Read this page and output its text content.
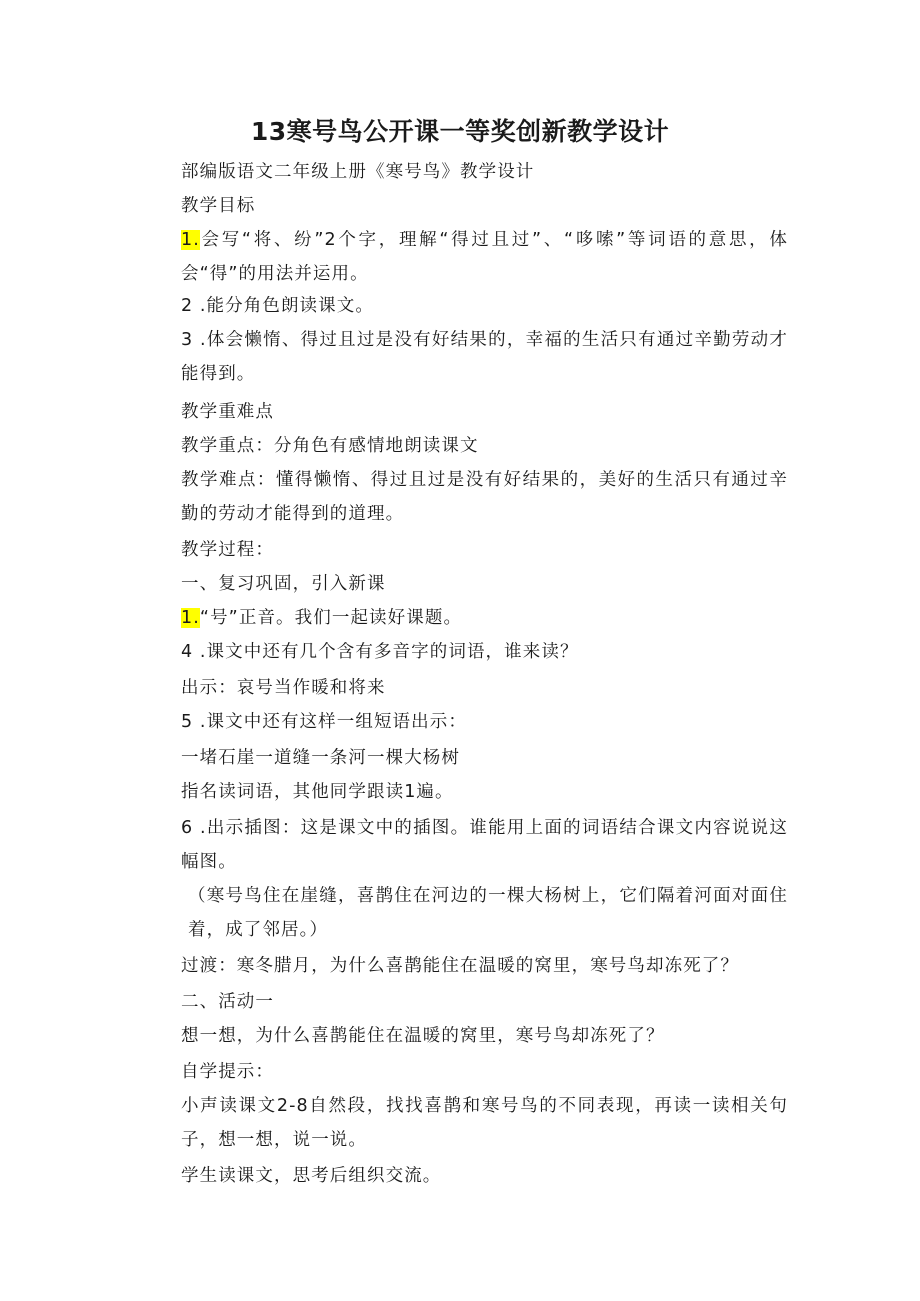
13寒号鸟公开课一等奖创新教学设计

部编版语文二年级上册《寒号鸟》教学设计

教学目标

1.会写“将、纷”2个字，理解“得过且过”、“哆嗦”等词语的意思，体会“得”的用法并运用。

2 .能分角色朗读课文。

3 .体会懒惰、得过且过是没有好结果的，幸福的生活只有通过辛勤劳动才能得到。

教学重难点

教学重点：分角色有感情地朗读课文

教学难点：懂得懒惰、得过且过是没有好结果的，美好的生活只有通过辛勤的劳动才能得到的道理。

教学过程：

一、复习巩固，引入新课

1.“号”正音。我们一起读好课题。

4 .课文中还有几个含有多音字的词语，谁来读？

出示：哀号当作暖和将来

5 .课文中还有这样一组短语出示：

一堵石崖一道缝一条河一棵大杨树

指名读词语，其他同学跟读1遍。

6 .出示插图：这是课文中的插图。谁能用上面的词语结合课文内容说说这幅图。

（寒号鸟住在崖缝，喜鹊住在河边的一棵大杨树上，它们隔着河面对面住着，成了邻居。）

过渡：寒冬腊月，为什么喜鹊能住在温暖的窝里，寒号鸟却冻死了？

二、活动一

想一想，为什么喜鹊能住在温暖的窝里，寒号鸟却冻死了？

自学提示：

小声读课文2-8自然段，找找喜鹊和寒号鸟的不同表现，再读一读相关句子，想一想，说一说。

学生读课文，思考后组织交流。
